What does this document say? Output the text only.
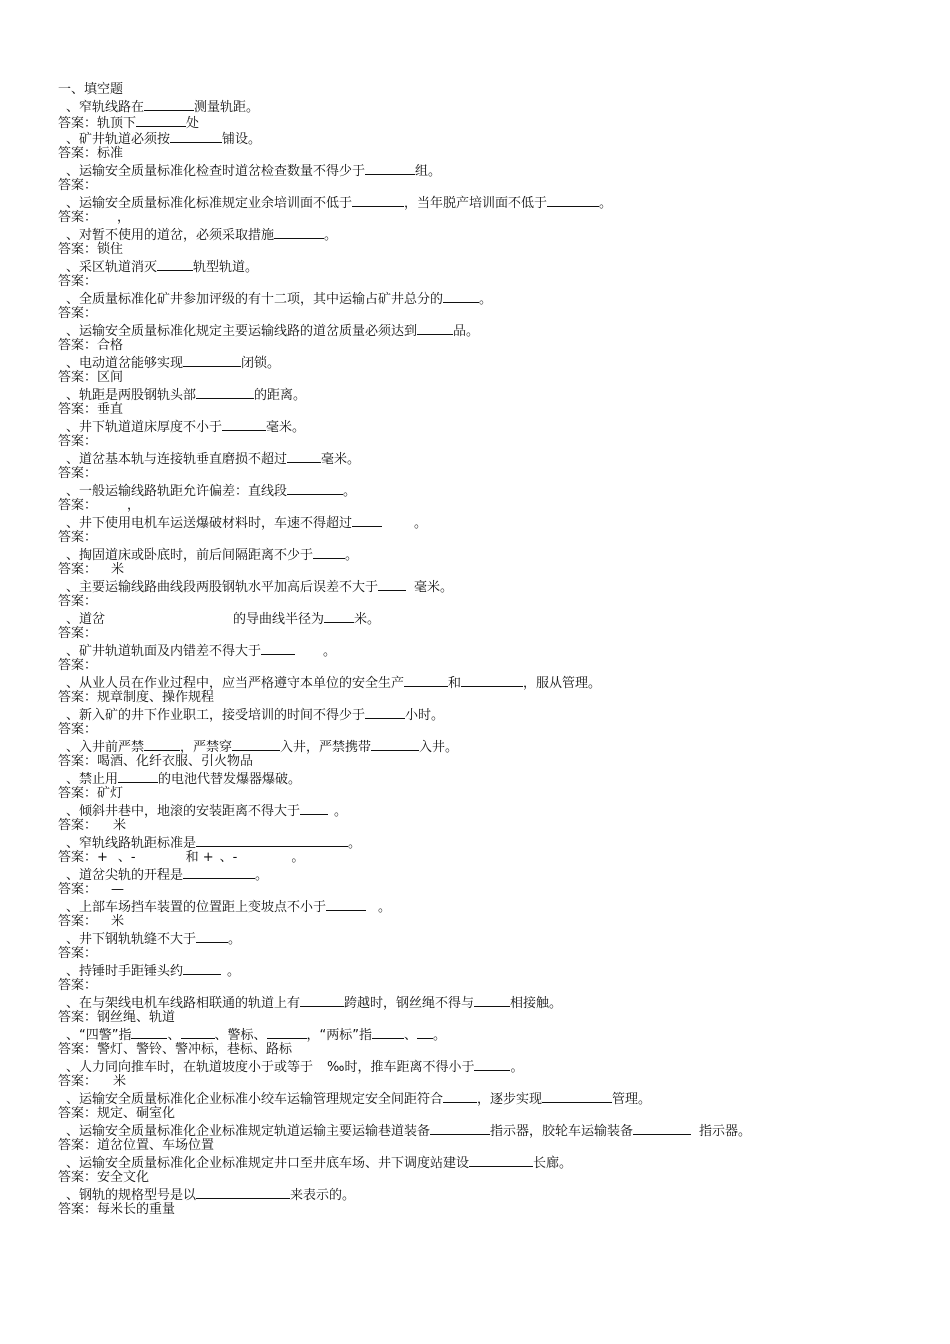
一、填空题
、窄轨线路在	测量轨距。
答案：轨顶下	处
、矿井轨道必须按	铺设。
答案：标准
、运输安全质量标准化检查时道岔检查数量不得少于	组。
答案：
、运输安全质量标准化标准规定业余培训面不低于	，当年脱产培训面不低于	。
答案： ，
、对暂不使用的道岔，必须采取措施	。
答案：锁住
、采区轨道消灭	轨型轨道。
答案：
、全质量标准化矿井参加评级的有十二项，其中运输占矿井总分的	。
答案：
、运输安全质量标准化规定主要运输线路的道岔质量必须达到	品。
答案：合格
、电动道岔能够实现	闭锁。
答案：区间
、轨距是两股钢轨头部	的距离。
答案：垂直
、井下轨道道床厚度不小于	毫米。
答案：
、道岔基本轨与连接轨垂直磨损不超过	毫米。
答案：
、一般运输线路轨距允许偏差：直线段	。
答案： ，
、井下使用电机车运送爆破材料时，车速不得超过	。
答案：
、掏固道床或卧底时，前后间隔距离不少于 。
答案： 米
、主要运输线路曲线段两股钢轨水平加高后误差不大于	毫米。
答案：
、道岔	的导曲线半径为 米。
答案：
、矿井轨道轨面及内错差不得大于	。
答案：
、从业人员在作业过程中，应当严格遵守本单位的安全生产	和	，服从管理。
答案：规章制度、操作规程
、新入矿的井下作业职工，接受培训的时间不得少于	小时。
答案：
、入井前严禁	，严禁穿	入井，严禁携带	入井。
答案：喝酒、化纤衣服、引火物品
、禁止用	的电池代替发爆器爆破。
答案：矿灯
、倾斜井巷中，地滚的安装距离不得大于	。
答案： 米
、窄轨线路轨距标准是	。
答案：+ 、-	和 + 、-	。
、道岔尖轨的开程是	。
答案： —
、上部车场挡车装置的位置距上变坡点不小于	。
答案： 米
、井下钢轨轨缝不大于 。
答案：
、持锤时手距锤头约	。
答案：
、在与架线电机车线路相联通的轨道上有	跨越时，钢丝绳不得与	相接触。
答案：钢丝绳、轨道
、“四警”指	、	、警标、	，“两标”指 、 。
答案：警灯、警铃、警冲标，巷标、路标
、人力同向推车时，在轨道坡度小于或等于 ‰时，推车距离不得小于	。
答案： 米
、运输安全质量标准化企业标准小绞车运输管理规定安全间距符合	，逐步实现	管理。
答案：规定、硐室化
、运输安全质量标准化企业标准规定轨道运输主要运输巷道装备	指示器，胶轮车运输装备	指示器。
答案：道岔位置、车场位置
、运输安全质量标准化企业标准规定井口至井底车场、井下调度站建设	长廊。
答案：安全文化
、钢轨的规格型号是以	来表示的。
答案：每米长的重量
